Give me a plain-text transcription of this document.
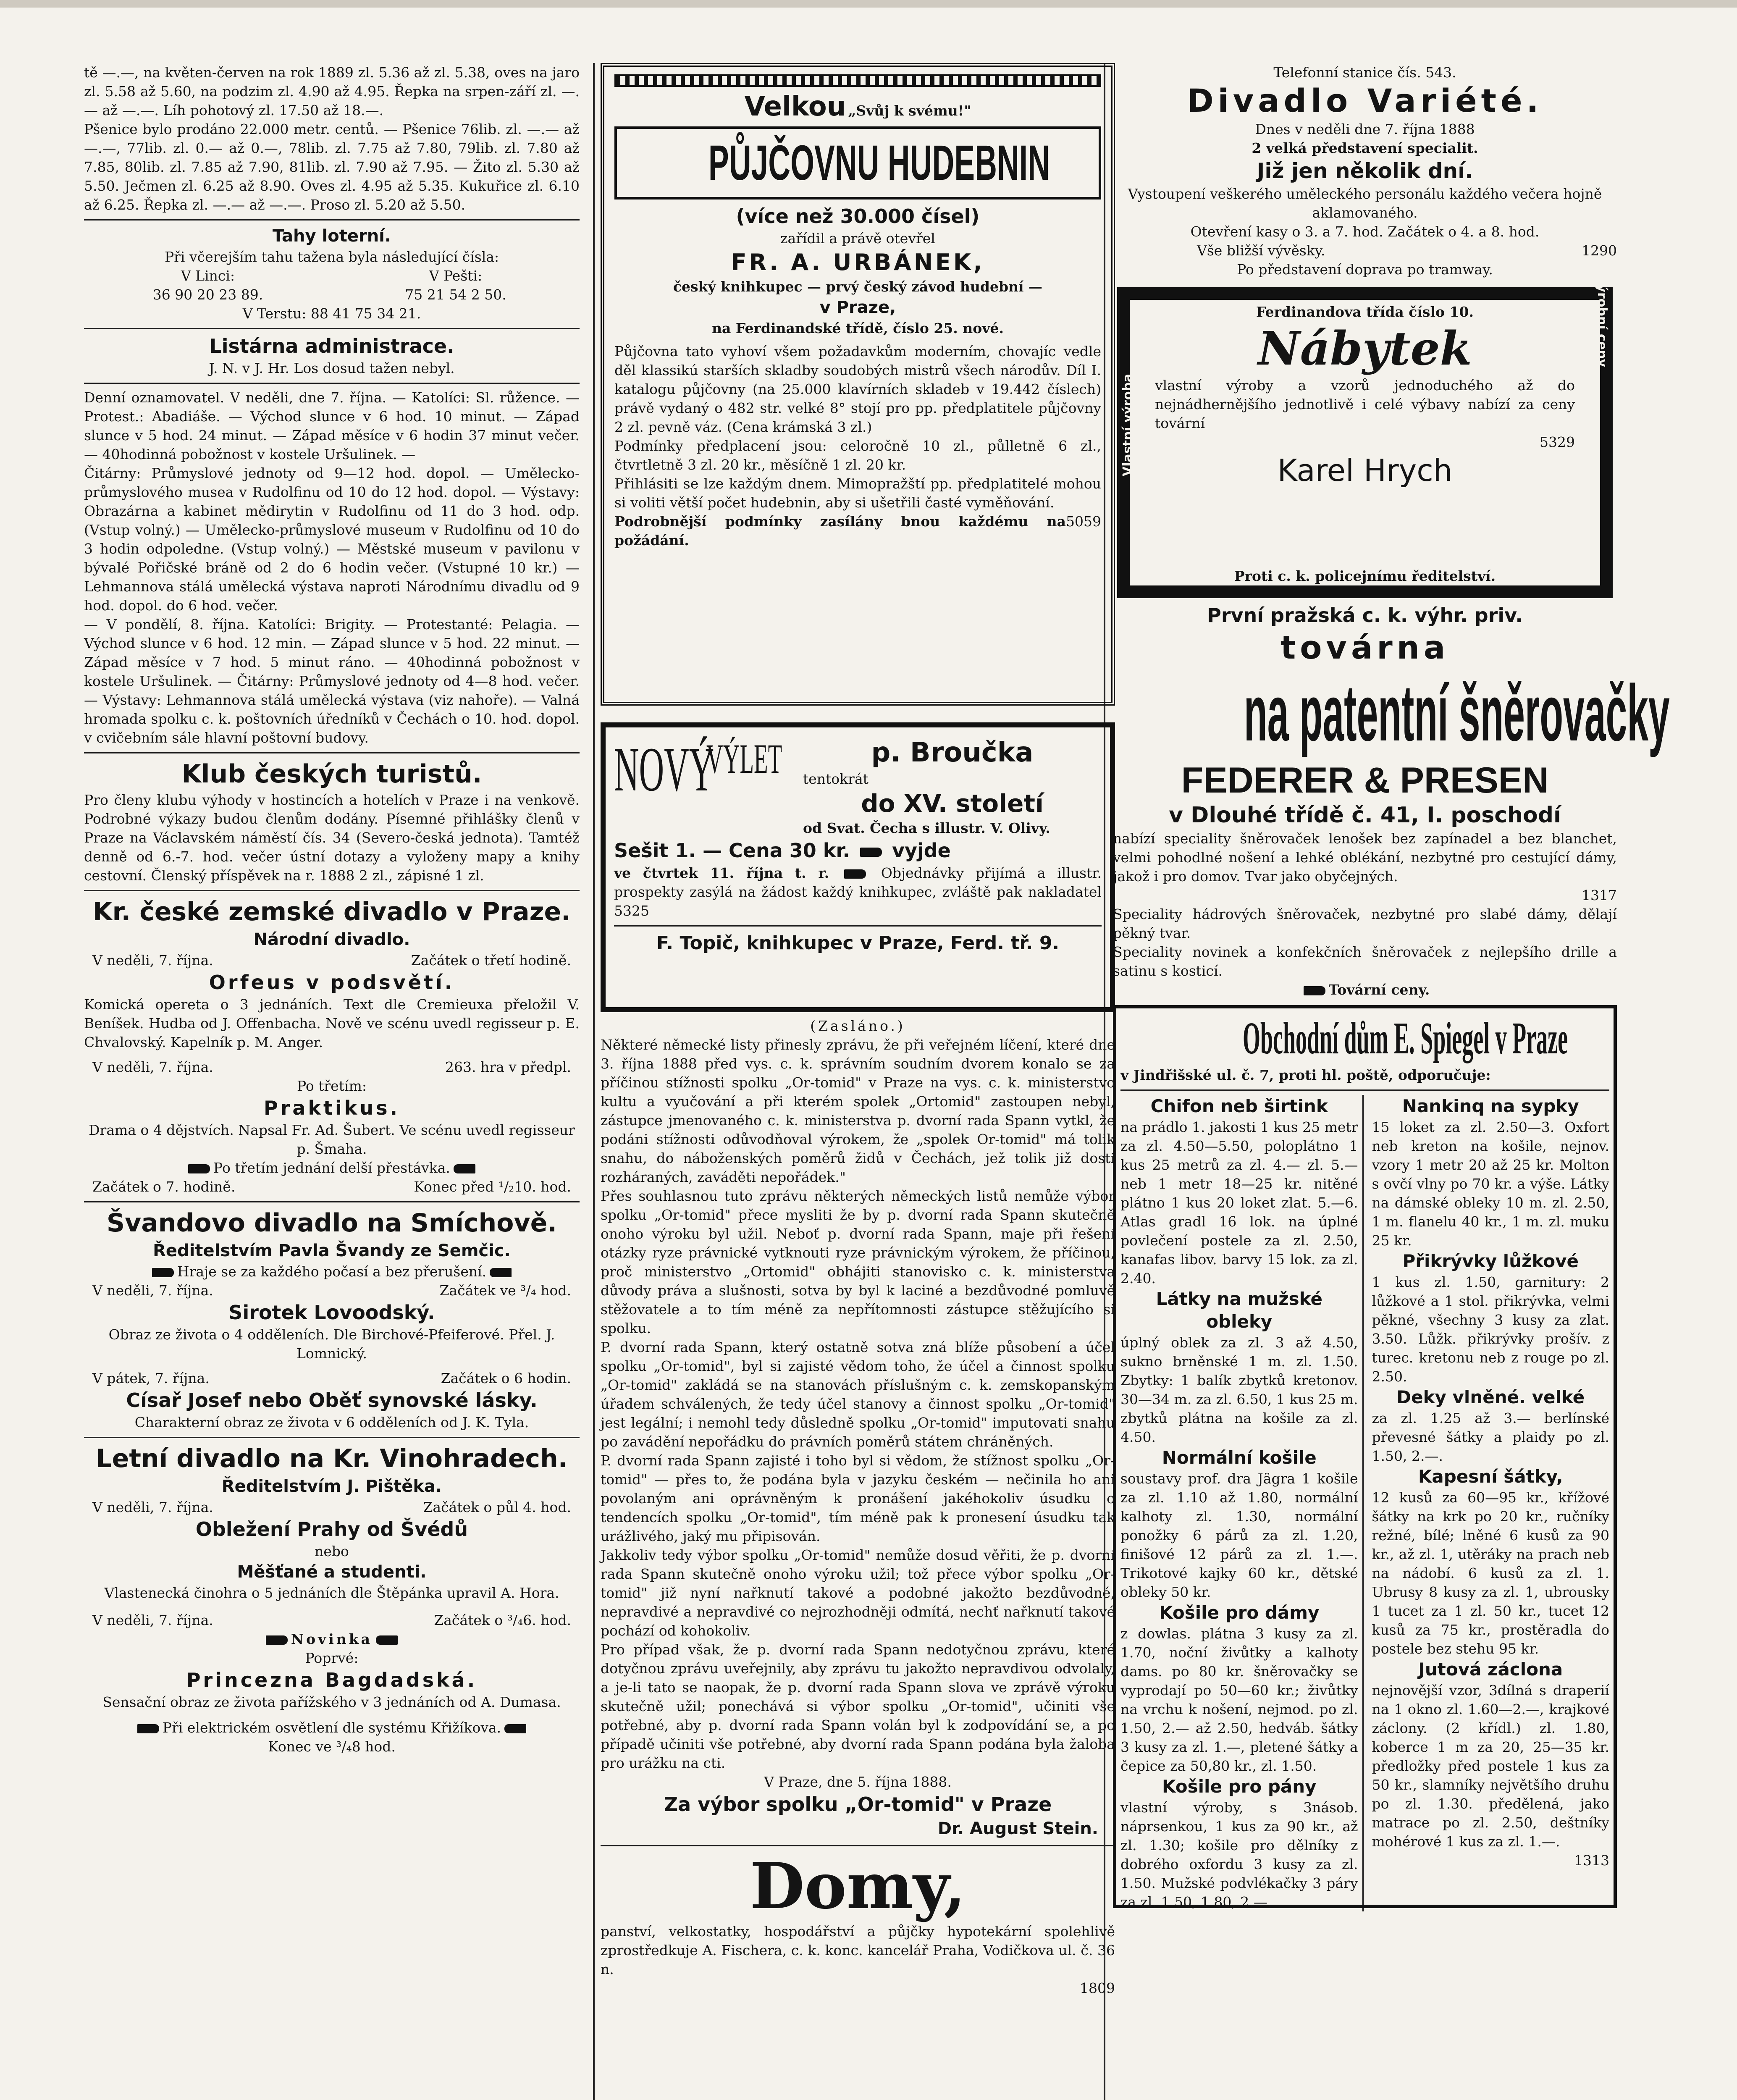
tě —.—, na květen-červen na rok 1889 zl. 5.36 až zl. 5.38, oves na jaro zl. 5.58 až 5.60, na podzim zl. 4.90 až 4.95. Řepka na srpen-září zl. —.— až —.—. Líh pohotový zl. 17.50 až 18.—.

Pšenice bylo prodáno 22.000 metr. centů. — Pšenice 76lib. zl. —.— až —.—, 77lib. zl. 0.— až 0.—, 78lib. zl. 7.75 až 7.80, 79lib. zl. 7.80 až 7.85, 80lib. zl. 7.85 až 7.90, 81lib. zl. 7.90 až 7.95. — Žito zl. 5.30 až 5.50. Ječmen zl. 6.25 až 8.90. Oves zl. 4.95 až 5.35. Kukuřice zl. 6.10 až 6.25. Řepka zl. —.— až —.—. Proso zl. 5.20 až 5.50.

Tahy loterní.

Při včerejším tahu tažena byla následující čísla:

V Linci:
36 90 20 23 89.
V Pešti:
75 21 54 2 50.

V Terstu: 88 41 75 34 21.

Listárna administrace.

J. N. v J. Hr. Los dosud tažen nebyl.

Denní oznamovatel. V neděli, dne 7. října. — Katolíci: Sl. růžence. — Protest.: Abadiáše. — Východ slunce v 6 hod. 10 minut. — Západ slunce v 5 hod. 24 minut. — Západ měsíce v 6 hodin 37 minut večer. — 40hodinná pobožnost v kostele Uršulinek. —

Čitárny: Průmyslové jednoty od 9—12 hod. dopol. — Umělecko-průmyslového musea v Rudolfinu od 10 do 12 hod. dopol. — Výstavy: Obrazárna a kabinet mědirytin v Rudolfinu od 11 do 3 hod. odp. (Vstup volný.) — Umělecko-průmyslové museum v Rudolfinu od 10 do 3 hodin odpoledne. (Vstup volný.) — Městské museum v pavilonu v bývalé Pořičské bráně od 2 do 6 hodin večer. (Vstupné 10 kr.) — Lehmannova stálá umělecká výstava naproti Národnímu divadlu od 9 hod. dopol. do 6 hod. večer.

— V pondělí, 8. října. Katolíci: Brigity. — Protestanté: Pelagia. — Východ slunce v 6 hod. 12 min. — Západ slunce v 5 hod. 22 minut. — Západ měsíce v 7 hod. 5 minut ráno. — 40hodinná pobožnost v kostele Uršulinek. — Čitárny: Průmyslové jednoty od 4—8 hod. večer. — Výstavy: Lehmannova stálá umělecká výstava (viz nahoře). — Valná hromada spolku c. k. poštovních úředníků v Čechách o 10. hod. dopol. v cvičebním sále hlavní poštovní budovy.

Klub českých turistů.

Pro členy klubu výhody v hostincích a hotelích v Praze i na venkově. Podrobné výkazy budou členům dodány. Písemné přihlášky členů v Praze na Václavském náměstí čís. 34 (Severo-česká jednota). Tamtéž denně od 6.-7. hod. večer ústní dotazy a vyloženy mapy a knihy cestovní. Členský příspěvek na r. 1888 2 zl., zápisné 1 zl.

Kr. české zemské divadlo v Praze.
Národní divadlo.
V neděli, 7. října.	Začátek o třetí hodině.
Orfeus v podsvětí.

Komická opereta o 3 jednáních. Text dle Cremieuxa přeložil V. Beníšek. Hudba od J. Offenbacha. Nově ve scénu uvedl regisseur p. E. Chvalovský. Kapelník p. M. Anger.

V neděli, 7. října.	263. hra v předpl.

Po třetím:

Praktikus.

Drama o 4 dějstvích. Napsal Fr. Ad. Šubert. Ve scénu uvedl regisseur p. Šmaha.

Po třetím jednání delší přestávka.

Začátek o 7. hodině.	Konec před ¹/₂10. hod.
Švandovo divadlo na Smíchově.
Ředitelstvím Pavla Švandy ze Semčic.

Hraje se za každého počasí a bez přerušení.

V neděli, 7. října.	Začátek ve ³/₄ hod.
Sirotek Lovoodský.

Obraz ze života o 4 odděleních. Dle Birchové-Pfeiferové. Přel. J. Lomnický.

V pátek, 7. října.	Začátek o 6 hodin.
Císař Josef nebo Oběť synovské lásky.

Charakterní obraz ze života v 6 odděleních od J. K. Tyla.

Letní divadlo na Kr. Vinohradech.
Ředitelstvím J. Pištěka.
V neděli, 7. října.	Začátek o půl 4. hod.
Obležení Prahy od Švédů

nebo

Měšťané a studenti.

Vlastenecká činohra o 5 jednáních dle Štěpánka upravil A. Hora.

V neděli, 7. října.	Začátek o ³/₄6. hod.

Novinka

Poprvé:

Princezna Bagdadská.

Sensační obraz ze života pařížského v 3 jednáních od A. Dumasa.

Při elektrickém osvětlení dle systému Křižíkova.

Konec ve ³/₄8 hod.

Velkou „Svůj k svému!"
PŮJČOVNU HUDEBNIN
(více než 30.000 čísel)

zařídil a právě otevřel

FR. A. URBÁNEK,

český knihkupec — prvý český závod hudební —

v Praze,

na Ferdinandské třídě, číslo 25. nové.

Půjčovna tato vyhoví všem požadavkům moderním, chovajíc vedle děl klassikú starších skladby soudobých mistrů všech národův. Díl I. katalogu půjčovny (na 25.000 klavírních skladeb v 19.442 číslech) právě vydaný o 482 str. velké 8° stojí pro pp. předplatitele půjčovny 2 zl. pevně váz. (Cena krámská 3 zl.)

Podmínky předplacení jsou: celoročně 10 zl., půlletně 6 zl., čtvrtletně 3 zl. 20 kr., měsíčně 1 zl. 20 kr.

Přihlásiti se lze každým dnem. Mimopražští pp. předplatitelé mohou si voliti větší počet hudebnin, aby si ušetřili časté vyměňování.

Podrobnější podmínky zasílány bnou každému na požádání.
5059
NOVÝ
VÝLET	p. Broučka

tentokrát

do XV. století

od Svat. Čecha s illustr. V. Olivy.

Sešit 1. — Cena 30 kr. vyjde

ve čtvrtek 11. října t. r.	Objednávky přijímá a illustr. prospekty zasýlá na žádost každý knihkupec, zvláště pak nakladatel 5325

F. Topič, knihkupec v Praze, Ferd. tř. 9.

(Zasláno.)

Některé německé listy přinesly zprávu, že při veřejném líčení, které dne 3. října 1888 před vys. c. k. správním soudním dvorem konalo se za příčinou stížnosti spolku „Or-tomid" v Praze na vys. c. k. ministerstvo kultu a vyučování a při kterém spolek „Ortomid" zastoupen nebyl, zástupce jmenovaného c. k. ministerstva p. dvorní rada Spann vytkl, že podáni stížnosti odůvodňoval výrokem, že „spolek Or-tomid" má tolik snahu, do náboženských poměrů židů v Čechách, jež tolik již dosti rozháraných, zaváděti nepořádek."

Přes souhlasnou tuto zprávu některých německých listů nemůže výbor spolku „Or-tomid" přece mysliti že by p. dvorní rada Spann skutečně onoho výroku byl užil. Neboť p. dvorní rada Spann, maje při řešení otázky ryze právnické vytknouti ryze právnickým výrokem, že příčinou, proč ministerstvo „Ortomid" obhájiti stanovisko c. k. ministerstva důvody práva a slušnosti, sotva by byl k laciné a bezdůvodné pomluvě stěžovatele a to tím méně za nepřítomnosti zástupce stěžujícího si spolku.

P. dvorní rada Spann, který ostatně sotva zná blíže působení a účel spolku „Or-tomid", byl si zajisté vědom toho, že účel a činnost spolku „Or-tomid" zakládá se na stanovách příslušným c. k. zemskopanským úřadem schválených, že tedy účel stanovy a činnost spolku „Or-tomid" jest legální; i nemohl tedy důsledně spolku „Or-tomid" imputovati snahu po zavádění nepořádku do právních poměrů státem chráněných.

P. dvorní rada Spann zajisté i toho byl si vědom, že stížnost spolku „Or-tomid" — přes to, že podána byla v jazyku českém — nečinila ho ani povolaným ani oprávněným k pronášení jakéhokoliv úsudku o tendencích spolku „Or-tomid", tím méně pak k pronesení úsudku tak urážlivého, jaký mu připisován.

Jakkoliv tedy výbor spolku „Or-tomid" nemůže dosud věřiti, že p. dvorní rada Spann skutečně onoho výroku užil; tož přece výbor spolku „Or-tomid" již nyní nařknutí takové a podobné jakožto bezdůvodné, nepravdivé a nepravdivé co nejrozhodněji odmítá, nechť nařknutí takové pochází od kohokoliv.

Pro případ však, že p. dvorní rada Spann nedotyčnou zprávu, které dotyčnou zprávu uveřejnily, aby zprávu tu jakožto nepravdivou odvolaly, a je-li tato se naopak, že p. dvorní rada Spann slova ve zprávě výroku skutečně užil; ponechává si výbor spolku „Or-tomid", učiniti vše potřebné, aby p. dvorní rada Spann volán byl k zodpovídání se, a po případě učiniti vše potřebné, aby dvorní rada Spann podána byla žaloba pro urážku na cti.

V Praze, dne 5. října 1888.

Za výbor spolku „Or-tomid" v Praze
Dr. August Stein.
Domy,

panství, velkostatky, hospodářství a půjčky hypotekární spolehlivě zprostředkuje A. Fischera, c. k. konc. kancelář Praha, Vodičkova ul. č. 36 n.

1809

Telefonní stanice čís. 543.

Divadlo Variété.

Dnes v neděli dne 7. října 1888

2 velká představení specialit.

Již jen několik dní.

Vystoupení veškerého uměleckého personálu každého večera hojně aklamovaného.

Otevření kasy o 3. a 7. hod. Začátek o 4. a 8. hod.

Vše bližší vývěsky.	1290

Po představení doprava po tramway.

Ferdinandova třída číslo 10.

Vlastní výroba
Výrobní ceny
Nábytek

vlastní výroby a vzorů jednoduchého až do nejnádhernějšího jednotlivě i celé výbavy nabízí za ceny tovární

5329

Karel Hrych

Proti c. k. policejnímu ředitelství.

První pražská c. k. výhr. priv.
továrna
na patentní šněrovačky
FEDERER & PRESEN
v Dlouhé třídě č. 41, I. poschodí

nabízí speciality šněrovaček lenošek bez zapínadel a bez blanchet, velmi pohodlné nošení a lehké oblékání, nezbytné pro cestující dámy, jakož i pro domov. Tvar jako obyčejných.

1317

Speciality hádrových šněrovaček, nezbytné pro slabé dámy, dělají pěkný tvar.

Speciality novinek a konfekčních šněrovaček z nejlepšího drille a satinu s kosticí.

Tovární ceny.

Obchodní dům E. Spiegel v Praze

v Jindřišské ul. č. 7, proti hl. poště, odporučuje:

Chifon neb širtink

na prádlo 1. jakosti 1 kus 25 metr za zl. 4.50—5.50, poloplátno 1 kus 25 metrů za zl. 4.— zl. 5.— neb 1 metr 18—25 kr. nitěné plátno 1 kus 20 loket zlat. 5.—6. Atlas gradl 16 lok. na úplné povlečení postele za zl. 2.50, kanafas libov. barvy 15 lok. za zl. 2.40.

Látky na mužské obleky

úplný oblek za zl. 3 až 4.50, sukno brněnské 1 m. zl. 1.50. Zbytky: 1 balík zbytků kretonov. 30—34 m. za zl. 6.50, 1 kus 25 m. zbytků plátna na košile za zl. 4.50.

Normální košile

soustavy prof. dra Jägra 1 košile za zl. 1.10 až 1.80, normální kalhoty zl. 1.30, normální ponožky 6 párů za zl. 1.20, finišové 12 párů za zl. 1.—. Trikotové kajky 60 kr., dětské obleky 50 kr.

Košile pro dámy

z dowlas. plátna 3 kusy za zl. 1.70, noční živůtky a kalhoty dams. po 80 kr. šněrovačky se vyprodají po 50—60 kr.; živůtky na vrchu k nošení, nejmod. po zl. 1.50, 2.— až 2.50, hedváb. šátky 3 kusy za zl. 1.—, pletené šátky a čepice za 50,80 kr., zl. 1.50.

Košile pro pány

vlastní výroby, s 3násob. náprsenkou, 1 kus za 90 kr., až zl. 1.30; košile pro dělníky z dobrého oxfordu 3 kusy za zl. 1.50. Mužské podvlékačky 3 páry za zl. 1.50, 1.80, 2.—.

Nankinq na sypky

15 loket za zl. 2.50—3. Oxfort neb kreton na košile, nejnov. vzory 1 metr 20 až 25 kr. Molton s ovčí vlny po 70 kr. a výše. Látky na dámské obleky 10 m. zl. 2.50, 1 m. flanelu 40 kr., 1 m. zl. muku 25 kr.

Přikrývky lůžkové

1 kus zl. 1.50, garnitury: 2 lůžkové a 1 stol. přikrývka, velmi pěkné, všechny 3 kusy za zlat. 3.50. Lůžk. přikrývky prošív. z turec. kretonu neb z rouge po zl. 2.50.

Deky vlněné. velké

za zl. 1.25 až 3.— berlínské převesné šátky a plaidy po zl. 1.50, 2.—.

Kapesní šátky,

12 kusů za 60—95 kr., křížové šátky na krk po 20 kr., ručníky režné, bílé; lněné 6 kusů za 90 kr., až zl. 1, utěráky na prach neb na nádobí. 6 kusů za zl. 1. Ubrusy 8 kusy za zl. 1, ubrousky 1 tucet za 1 zl. 50 kr., tucet 12 kusů za 75 kr., prostěradla do postele bez stehu 95 kr.

Jutová záclona

nejnovější vzor, 3dílná s draperií na 1 okno zl. 1.60—2.—, krajkové záclony. (2 křídl.) zl. 1.80, koberce 1 m za 20, 25—35 kr. předložky před postele 1 kus za 50 kr., slamníky největšího druhu po zl. 1.30. předělená, jako matrace po zl. 2.50, deštníky mohérové 1 kus za zl. 1.—.

1313
